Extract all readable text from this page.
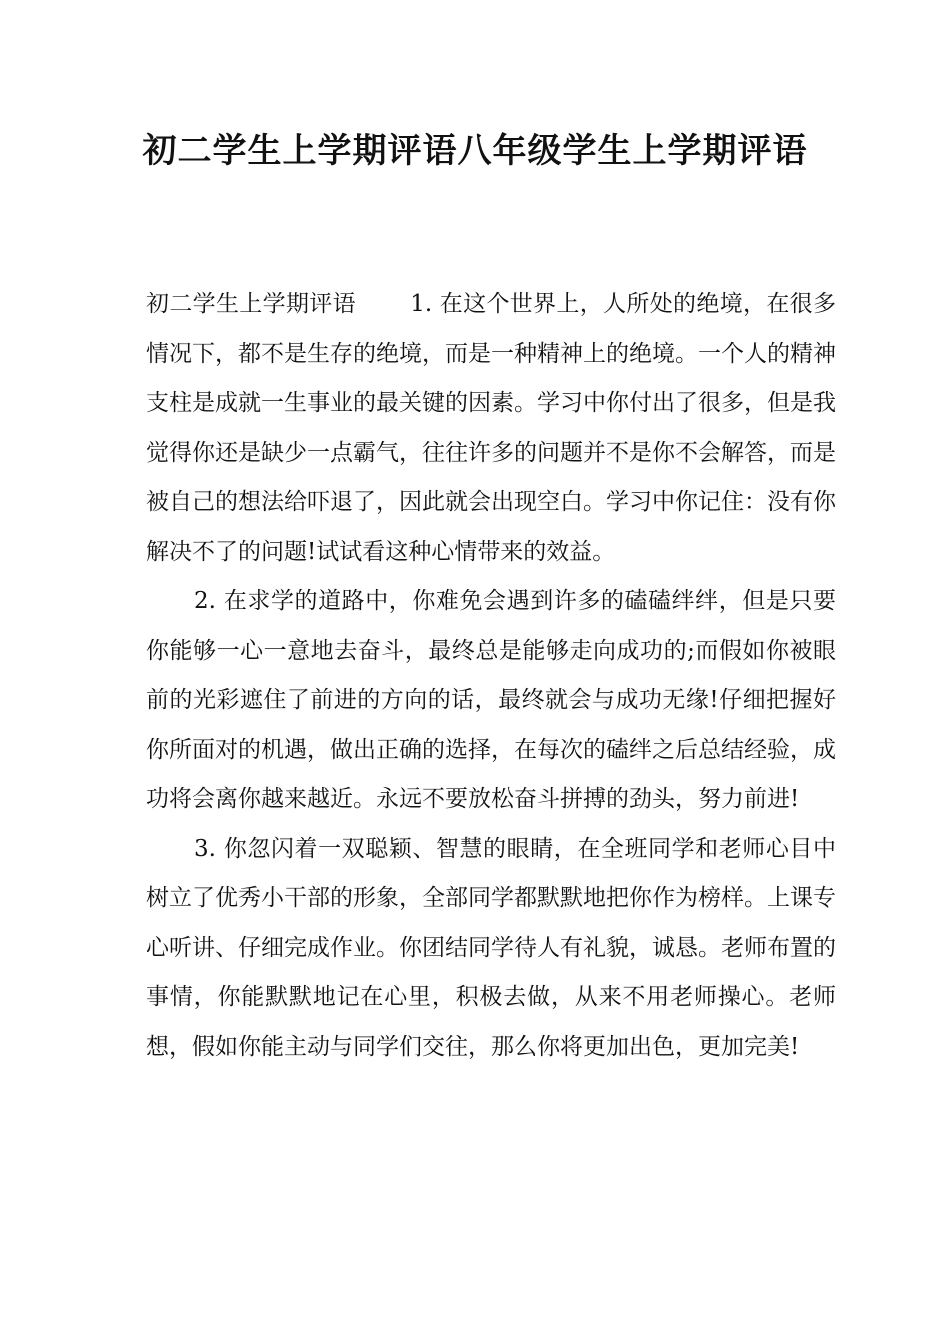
初二学生上学期评语八年级学生上学期评语

初二学生上学期评语　　 1. 在这个世界上，人所处的绝境，在很多情况下，都不是生存的绝境，而是一种精神上的绝境。一个人的精神支柱是成就一生事业的最关键的因素。学习中你付出了很多，但是我觉得你还是缺少一点霸气，往往许多的问题并不是你不会解答，而是被自己的想法给吓退了，因此就会出现空白。学习中你记住：没有你解决不了的问题!试试看这种心情带来的效益。

2. 在求学的道路中，你难免会遇到许多的磕磕绊绊，但是只要你能够一心一意地去奋斗，最终总是能够走向成功的;而假如你被眼前的光彩遮住了前进的方向的话，最终就会与成功无缘!仔细把握好你所面对的机遇，做出正确的选择，在每次的磕绊之后总结经验，成功将会离你越来越近。永远不要放松奋斗拼搏的劲头，努力前进!

3. 你忽闪着一双聪颖、智慧的眼睛，在全班同学和老师心目中树立了优秀小干部的形象，全部同学都默默地把你作为榜样。上课专心听讲、仔细完成作业。你团结同学待人有礼貌，诚恳。老师布置的事情，你能默默地记在心里，积极去做，从来不用老师操心。老师想，假如你能主动与同学们交往，那么你将更加出色，更加完美!
